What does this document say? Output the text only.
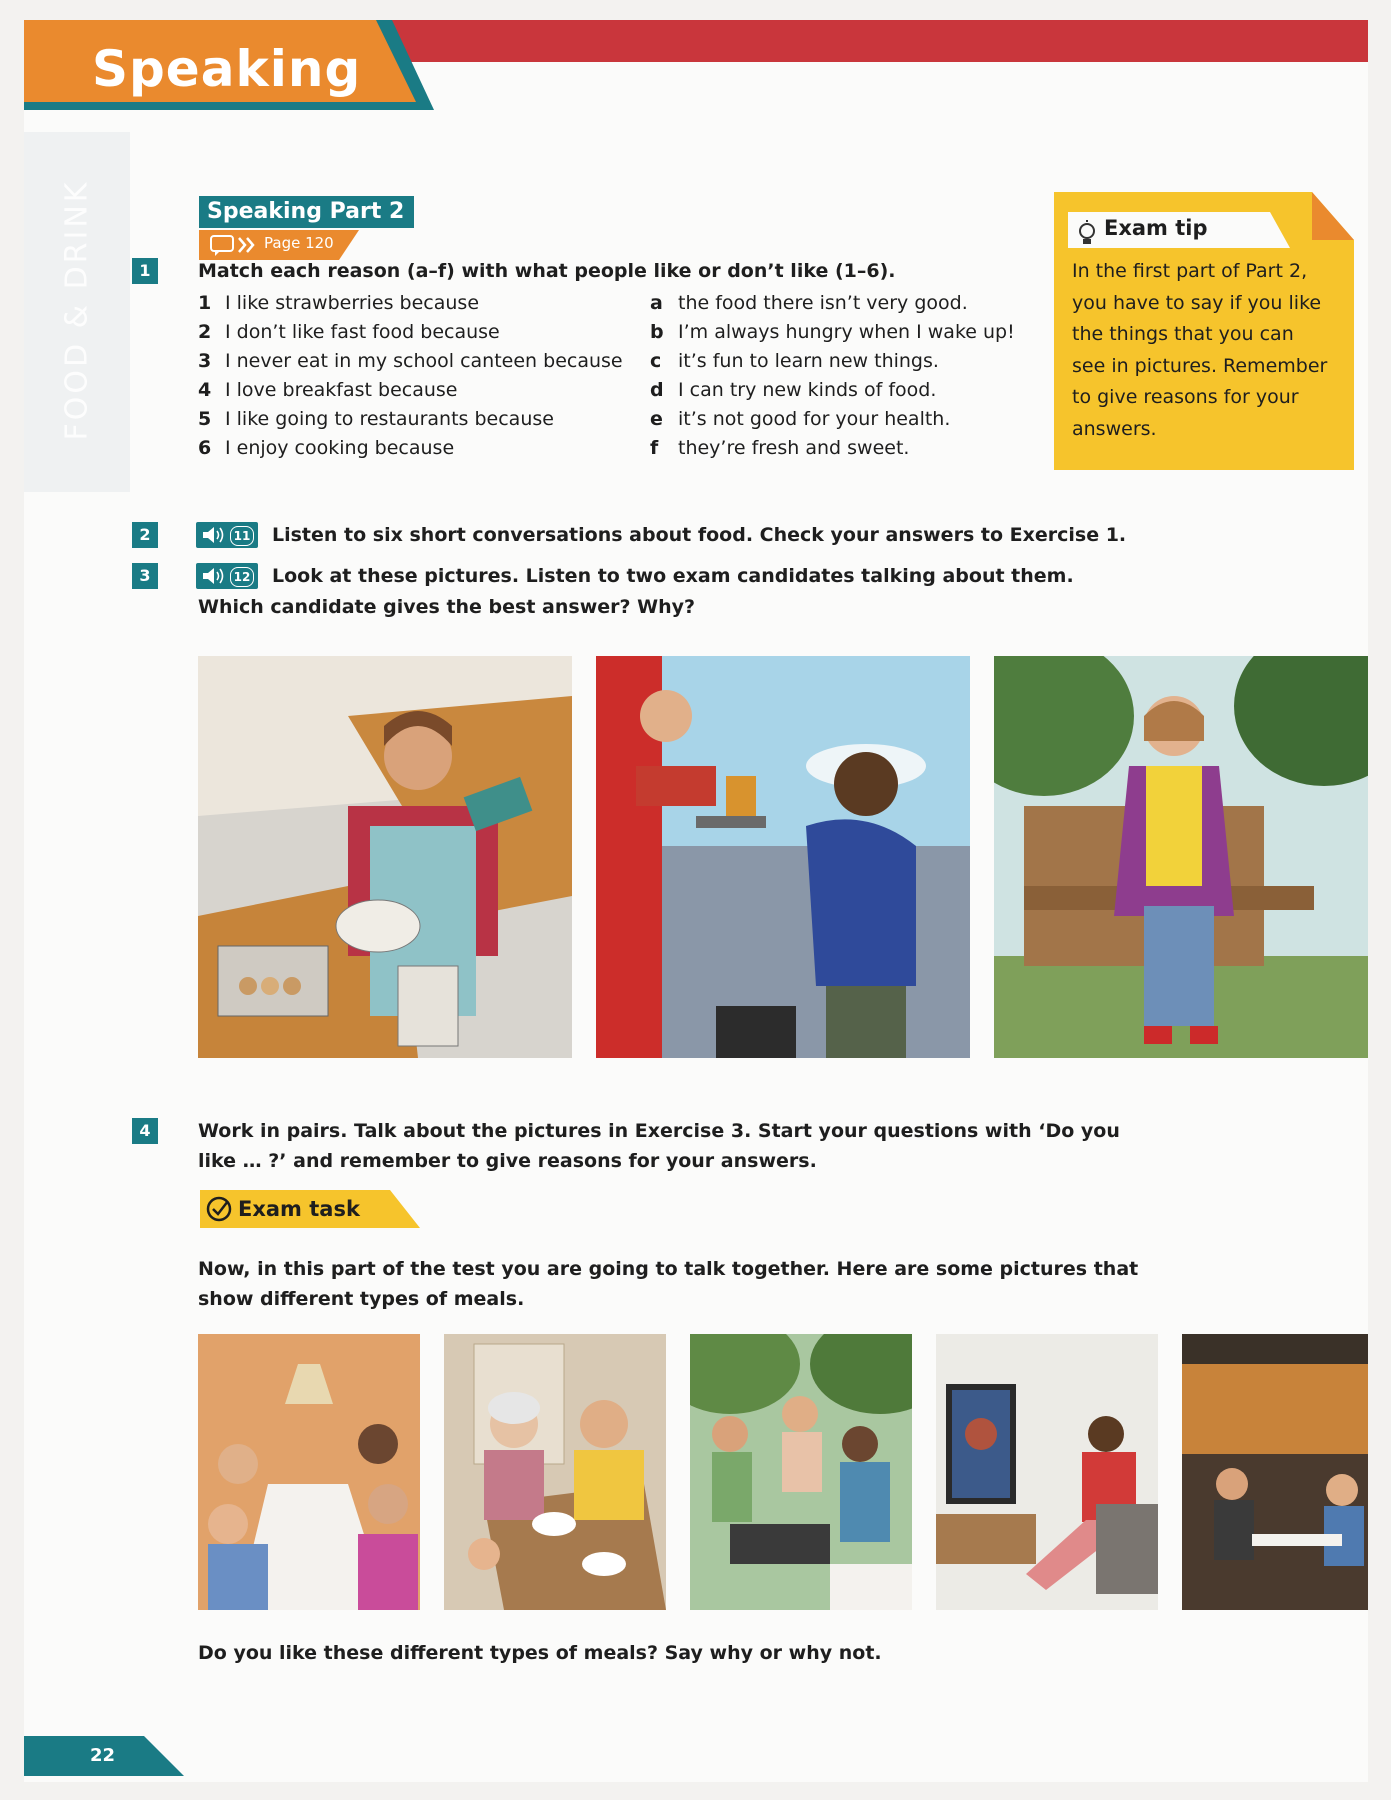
Speaking
FOOD & DRINK	Speaking Part 2
Page 120
1	Match each reason (a–f) with what people like or don’t like (1–6).
1 I like strawberries because
2 I don’t like fast food because
3 I never eat in my school canteen because
4 I love breakfast because
5 I like going to restaurants because
6 I enjoy cooking because
a the food there isn’t very good.
b I’m always hungry when I wake up!
c it’s fun to learn new things.
d I can try new kinds of food.
e it’s not good for your health.
f they’re fresh and sweet.
Exam tip
In the first part of Part 2,
you have to say if you like
the things that you can
see in pictures. Remember
to give reasons for your
answers.
2	11 Listen to six short conversations about food. Check your answers to Exercise 1.
3	12 Look at these pictures. Listen to two exam candidates talking about them.
Which candidate gives the best answer? Why?
4	Work in pairs. Talk about the pictures in Exercise 3. Start your questions with ‘Do you
like … ?’ and remember to give reasons for your answers.
Exam task
Now, in this part of the test you are going to talk together. Here are some pictures that
show different types of meals.
Do you like these different types of meals? Say why or why not.
22
